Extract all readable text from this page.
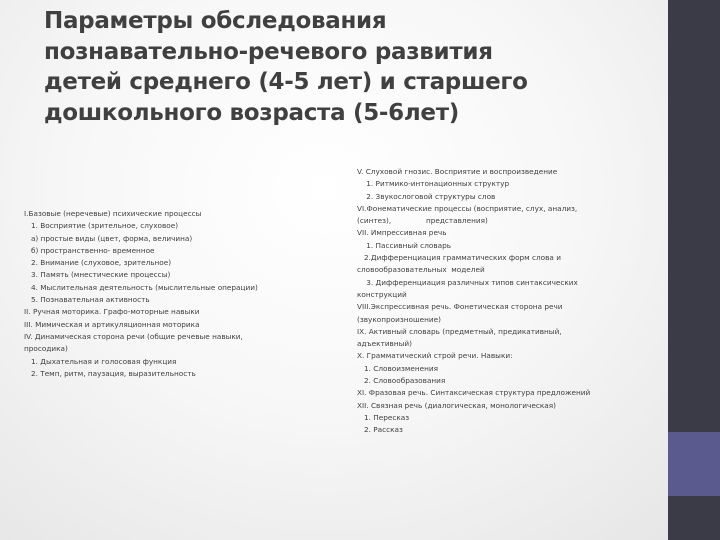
Параметры обследования
познавательно-речевого развития
детей среднего (4-5 лет) и старшего
дошкольного возраста (5-6лет)
I.Базовые (неречевые) психические процессы
1. Восприятие (зрительное, слуховое)
а) простые виды (цвет, форма, величина)
б) пространственно- временное
2. Внимание (слуховое, зрительное)
3. Память (мнестические процессы)
4. Мыслительная деятельность (мыслительные операции)
5. Познавательная активность
II. Ручная моторика. Графо-моторные навыки
III. Мимическая и артикуляционная моторика
IV. Динамическая сторона речи (общие речевые навыки,
просодика)
1. Дыхательная и голосовая функция
2. Темп, ритм, паузация, выразительность
V. Слуховой гнозис. Восприятие и воспроизведение
1. Ритмико-интонационных структур
2. Звукослоговой структуры слов
VI.Фонематические процессы (восприятие, слух, анализ,
(синтез),               представления)
VII. Импрессивная речь
1. Пассивный словарь
2.Дифференциация грамматических форм слова и
словообразовательных  моделей
3. Дифференциация различных типов синтаксических
конструкций
VIII.Экспрессивная речь. Фонетическая сторона речи
(звукопроизношение)
IX. Активный словарь (предметный, предикативный,
адъективный)
X. Грамматический строй речи. Навыки:
1. Словоизменения
2. Словообразования
XI. Фразовая речь. Синтаксическая структура предложений
XII. Связная речь (диалогическая, монологическая)
1. Пересказ
2. Рассказ
